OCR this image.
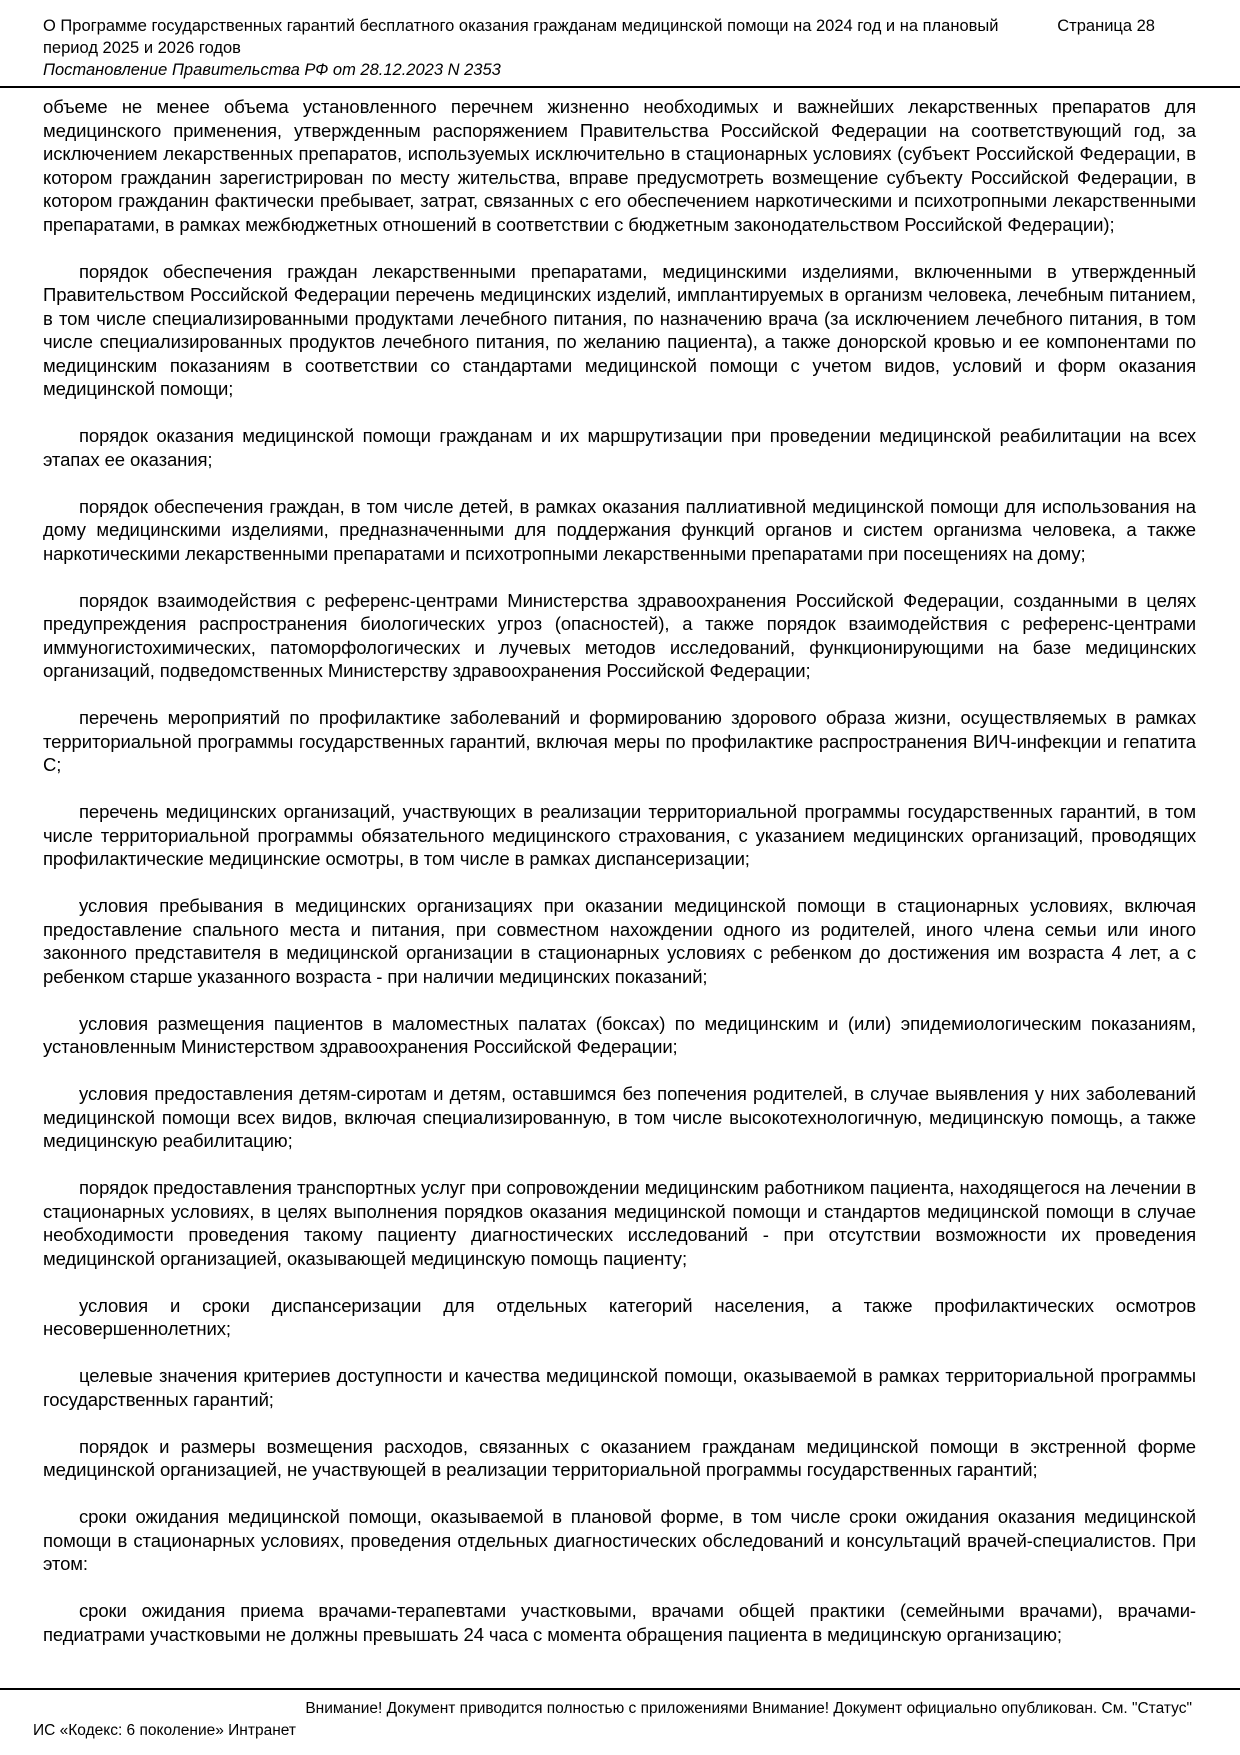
О Программе государственных гарантий бесплатного оказания гражданам медицинской помощи на 2024 год и на плановый период 2025 и 2026 годов
Постановление Правительства РФ от 28.12.2023 N 2353
Страница 28

объеме не менее объема установленного перечнем жизненно необходимых и важнейших лекарственных препаратов для медицинского применения, утвержденным распоряжением Правительства Российской Федерации на соответствующий год, за исключением лекарственных препаратов, используемых исключительно в стационарных условиях (субъект Российской Федерации, в котором гражданин зарегистрирован по месту жительства, вправе предусмотреть возмещение субъекту Российской Федерации, в котором гражданин фактически пребывает, затрат, связанных с его обеспечением наркотическими и психотропными лекарственными препаратами, в рамках межбюджетных отношений в соответствии с бюджетным законодательством Российской Федерации);

порядок обеспечения граждан лекарственными препаратами, медицинскими изделиями, включенными в утвержденный Правительством Российской Федерации перечень медицинских изделий, имплантируемых в организм человека, лечебным питанием, в том числе специализированными продуктами лечебного питания, по назначению врача (за исключением лечебного питания, в том числе специализированных продуктов лечебного питания, по желанию пациента), а также донорской кровью и ее компонентами по медицинским показаниям в соответствии со стандартами медицинской помощи с учетом видов, условий и форм оказания медицинской помощи;

порядок оказания медицинской помощи гражданам и их маршрутизации при проведении медицинской реабилитации на всех этапах ее оказания;

порядок обеспечения граждан, в том числе детей, в рамках оказания паллиативной медицинской помощи для использования на дому медицинскими изделиями, предназначенными для поддержания функций органов и систем организма человека, а также наркотическими лекарственными препаратами и психотропными лекарственными препаратами при посещениях на дому;

порядок взаимодействия с референс-центрами Министерства здравоохранения Российской Федерации, созданными в целях предупреждения распространения биологических угроз (опасностей), а также порядок взаимодействия с референс-центрами иммуногистохимических, патоморфологических и лучевых методов исследований, функционирующими на базе медицинских организаций, подведомственных Министерству здравоохранения Российской Федерации;

перечень мероприятий по профилактике заболеваний и формированию здорового образа жизни, осуществляемых в рамках территориальной программы государственных гарантий, включая меры по профилактике распространения ВИЧ-инфекции и гепатита C;

перечень медицинских организаций, участвующих в реализации территориальной программы государственных гарантий, в том числе территориальной программы обязательного медицинского страхования, с указанием медицинских организаций, проводящих профилактические медицинские осмотры, в том числе в рамках диспансеризации;

условия пребывания в медицинских организациях при оказании медицинской помощи в стационарных условиях, включая предоставление спального места и питания, при совместном нахождении одного из родителей, иного члена семьи или иного законного представителя в медицинской организации в стационарных условиях с ребенком до достижения им возраста 4 лет, а с ребенком старше указанного возраста - при наличии медицинских показаний;

условия размещения пациентов в маломестных палатах (боксах) по медицинским и (или) эпидемиологическим показаниям, установленным Министерством здравоохранения Российской Федерации;

условия предоставления детям-сиротам и детям, оставшимся без попечения родителей, в случае выявления у них заболеваний медицинской помощи всех видов, включая специализированную, в том числе высокотехнологичную, медицинскую помощь, а также медицинскую реабилитацию;

порядок предоставления транспортных услуг при сопровождении медицинским работником пациента, находящегося на лечении в стационарных условиях, в целях выполнения порядков оказания медицинской помощи и стандартов медицинской помощи в случае необходимости проведения такому пациенту диагностических исследований - при отсутствии возможности их проведения медицинской организацией, оказывающей медицинскую помощь пациенту;

условия и сроки диспансеризации для отдельных категорий населения, а также профилактических осмотров несовершеннолетних;

целевые значения критериев доступности и качества медицинской помощи, оказываемой в рамках территориальной программы государственных гарантий;

порядок и размеры возмещения расходов, связанных с оказанием гражданам медицинской помощи в экстренной форме медицинской организацией, не участвующей в реализации территориальной программы государственных гарантий;

сроки ожидания медицинской помощи, оказываемой в плановой форме, в том числе сроки ожидания оказания медицинской помощи в стационарных условиях, проведения отдельных диагностических обследований и консультаций врачей-специалистов. При этом:

сроки ожидания приема врачами-терапевтами участковыми, врачами общей практики (семейными врачами), врачами-педиатрами участковыми не должны превышать 24 часа с момента обращения пациента в медицинскую организацию;

Внимание! Документ приводится полностью с приложениями Внимание! Документ официально опубликован. См. "Статус"
ИС «Кодекс: 6 поколение» Интранет
